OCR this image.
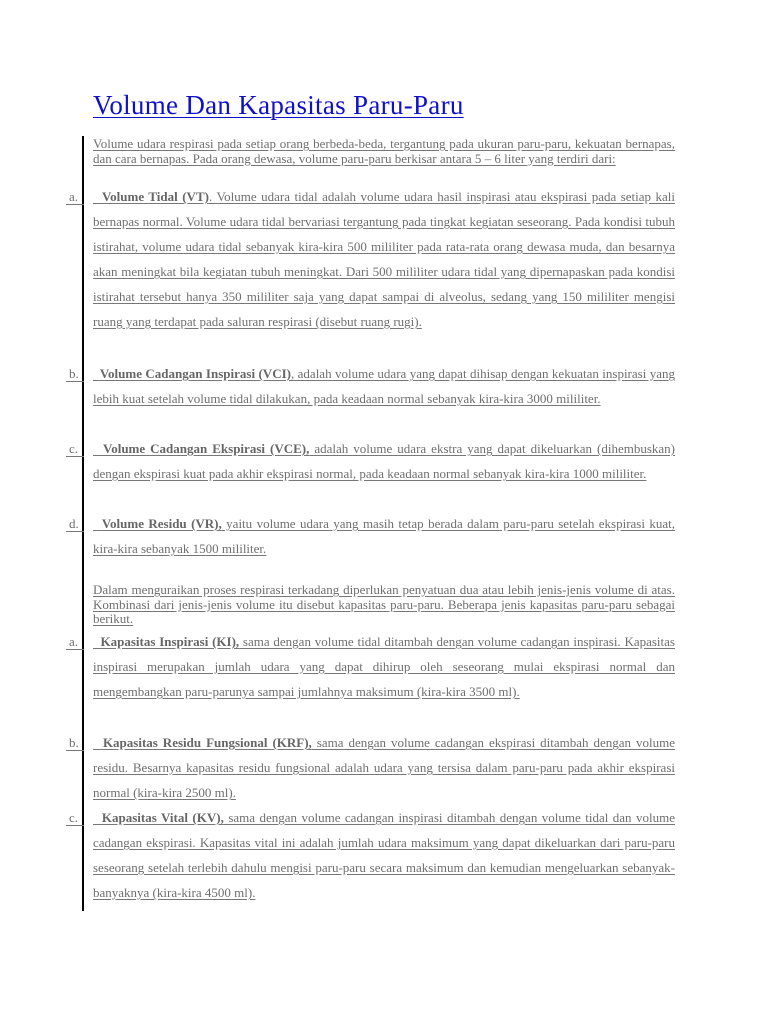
Volume Dan Kapasitas Paru-Paru
Volume udara respirasi pada setiap orang berbeda-beda, tergantung pada ukuran paru-paru, kekuatan bernapas, dan cara bernapas. Pada orang dewasa, volume paru-paru berkisar antara 5 – 6 liter yang terdiri dari:
a.	Volume Tidal (VT). Volume udara tidal adalah volume udara hasil inspirasi atau ekspirasi pada setiap kali bernapas normal. Volume udara tidal bervariasi tergantung pada tingkat kegiatan seseorang. Pada kondisi tubuh istirahat, volume udara tidal sebanyak kira-kira 500 mililiter pada rata-rata orang dewasa muda, dan besarnya akan meningkat bila kegiatan tubuh meningkat. Dari 500 mililiter udara tidal yang dipernapaskan pada kondisi istirahat tersebut hanya 350 mililiter saja yang dapat sampai di alveolus, sedang yang 150 mililiter mengisi ruang yang terdapat pada saluran respirasi (disebut ruang rugi).
b.	Volume Cadangan Inspirasi (VCI), adalah volume udara yang dapat dihisap dengan kekuatan inspirasi yang lebih kuat setelah volume tidal dilakukan, pada keadaan normal sebanyak kira-kira 3000 mililiter.
c.	Volume Cadangan Ekspirasi (VCE), adalah volume udara ekstra yang dapat dikeluarkan (dihembuskan) dengan ekspirasi kuat pada akhir ekspirasi normal, pada keadaan normal sebanyak kira-kira 1000 mililiter.
d.	Volume Residu (VR), yaitu volume udara yang masih tetap berada dalam paru-paru setelah ekspirasi kuat, kira-kira sebanyak 1500 mililiter.
Dalam menguraikan proses respirasi terkadang diperlukan penyatuan dua atau lebih jenis-jenis volume di atas. Kombinasi dari jenis-jenis volume itu disebut kapasitas paru-paru. Beberapa jenis kapasitas paru-paru sebagai berikut.
a.	Kapasitas Inspirasi (KI), sama dengan volume tidal ditambah dengan volume cadangan inspirasi. Kapasitas inspirasi merupakan jumlah udara yang dapat dihirup oleh seseorang mulai ekspirasi normal dan mengembangkan paru-parunya sampai jumlahnya maksimum (kira-kira 3500 ml).
b.	Kapasitas Residu Fungsional (KRF), sama dengan volume cadangan ekspirasi ditambah dengan volume residu. Besarnya kapasitas residu fungsional adalah udara yang tersisa dalam paru-paru pada akhir ekspirasi normal (kira-kira 2500 ml).
c.	Kapasitas Vital (KV), sama dengan volume cadangan inspirasi ditambah dengan volume tidal dan volume cadangan ekspirasi. Kapasitas vital ini adalah jumlah udara maksimum yang dapat dikeluarkan dari paru-paru seseorang setelah terlebih dahulu mengisi paru-paru secara maksimum dan kemudian mengeluarkan sebanyak-banyaknya (kira-kira 4500 ml).
